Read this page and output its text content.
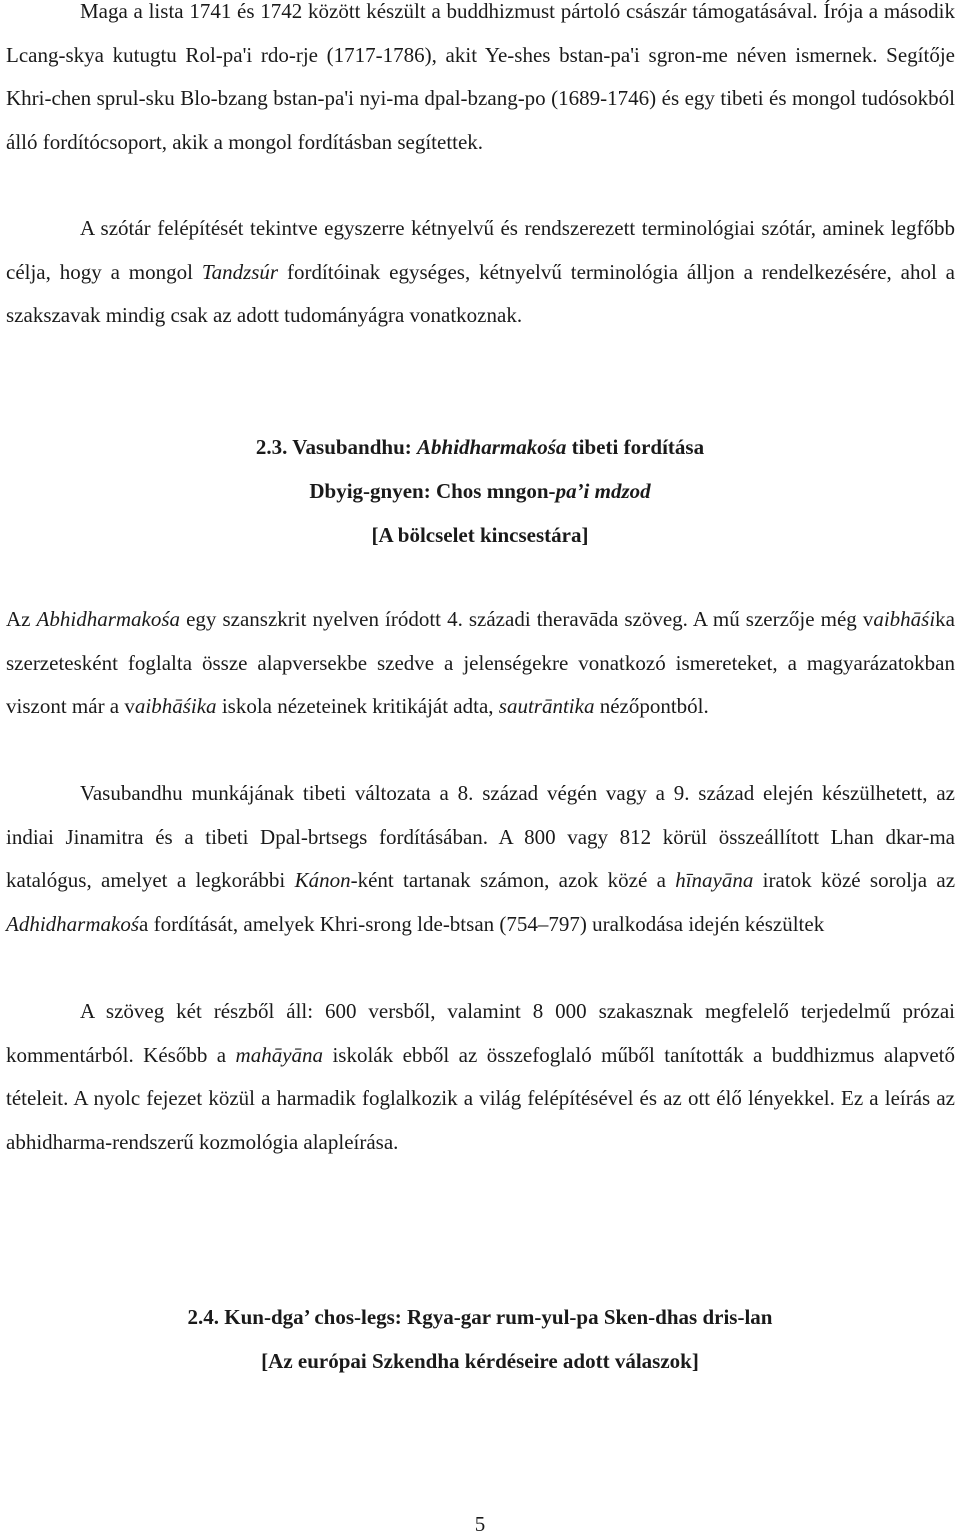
Maga a lista 1741 és 1742 között készült a buddhizmust pártoló császár támogatásával. Írója a második Lcang-skya kutugtu Rol-pa'i rdo-rje (1717-1786), akit Ye-shes bstan-pa'i sgron-me néven ismernek. Segítője Khri-chen sprul-sku Blo-bzang bstan-pa'i nyi-ma dpal-bzang-po (1689-1746) és egy tibeti és mongol tudósokból álló fordítócsoport, akik a mongol fordításban segítettek.

A szótár felépítését tekintve egyszerre kétnyelvű és rendszerezett terminológiai szótár, aminek legfőbb célja, hogy a mongol Tandzsúr fordítóinak egységes, kétnyelvű terminológia álljon a rendelkezésére, ahol a szakszavak mindig csak az adott tudományágra vonatkoznak.

2.3. Vasubandhu: Abhidharmakośa tibeti fordítása
Dbyig-gnyen: Chos mngon-pa’i mdzod
[A bölcselet kincsestára]

Az Abhidharmakośa egy szanszkrit nyelven íródott 4. századi theravāda szöveg. A mű szerzője még vaibhāśika szerzetesként foglalta össze alapversekbe szedve a jelenségekre vonatkozó ismereteket, a magyarázatokban viszont már a vaibhāśika iskola nézeteinek kritikáját adta, sautrāntika nézőpontból.

Vasubandhu munkájának tibeti változata a 8. század végén vagy a 9. század elején készülhetett, az indiai Jinamitra és a tibeti Dpal-brtsegs fordításában. A 800 vagy 812 körül összeállított Lhan dkar-ma katalógus, amelyet a legkorábbi Kánon-ként tartanak számon, azok közé a hīnayāna iratok közé sorolja az Adhidharmakośa fordítását, amelyek Khri-srong lde-btsan (754–797) uralkodása idején készültek

A szöveg két részből áll: 600 versből, valamint 8 000 szakasznak megfelelő terjedelmű prózai kommentárból. Később a mahāyāna iskolák ebből az összefoglaló műből tanították a buddhizmus alapvető tételeit. A nyolc fejezet közül a harmadik foglalkozik a világ felépítésével és az ott élő lényekkel. Ez a leírás az abhidharma-rendszerű kozmológia alapleírása.

2.4. Kun-dga’ chos-legs: Rgya-gar rum-yul-pa Sken-dhas dris-lan
[Az európai Szkendha kérdéseire adott válaszok]
5
